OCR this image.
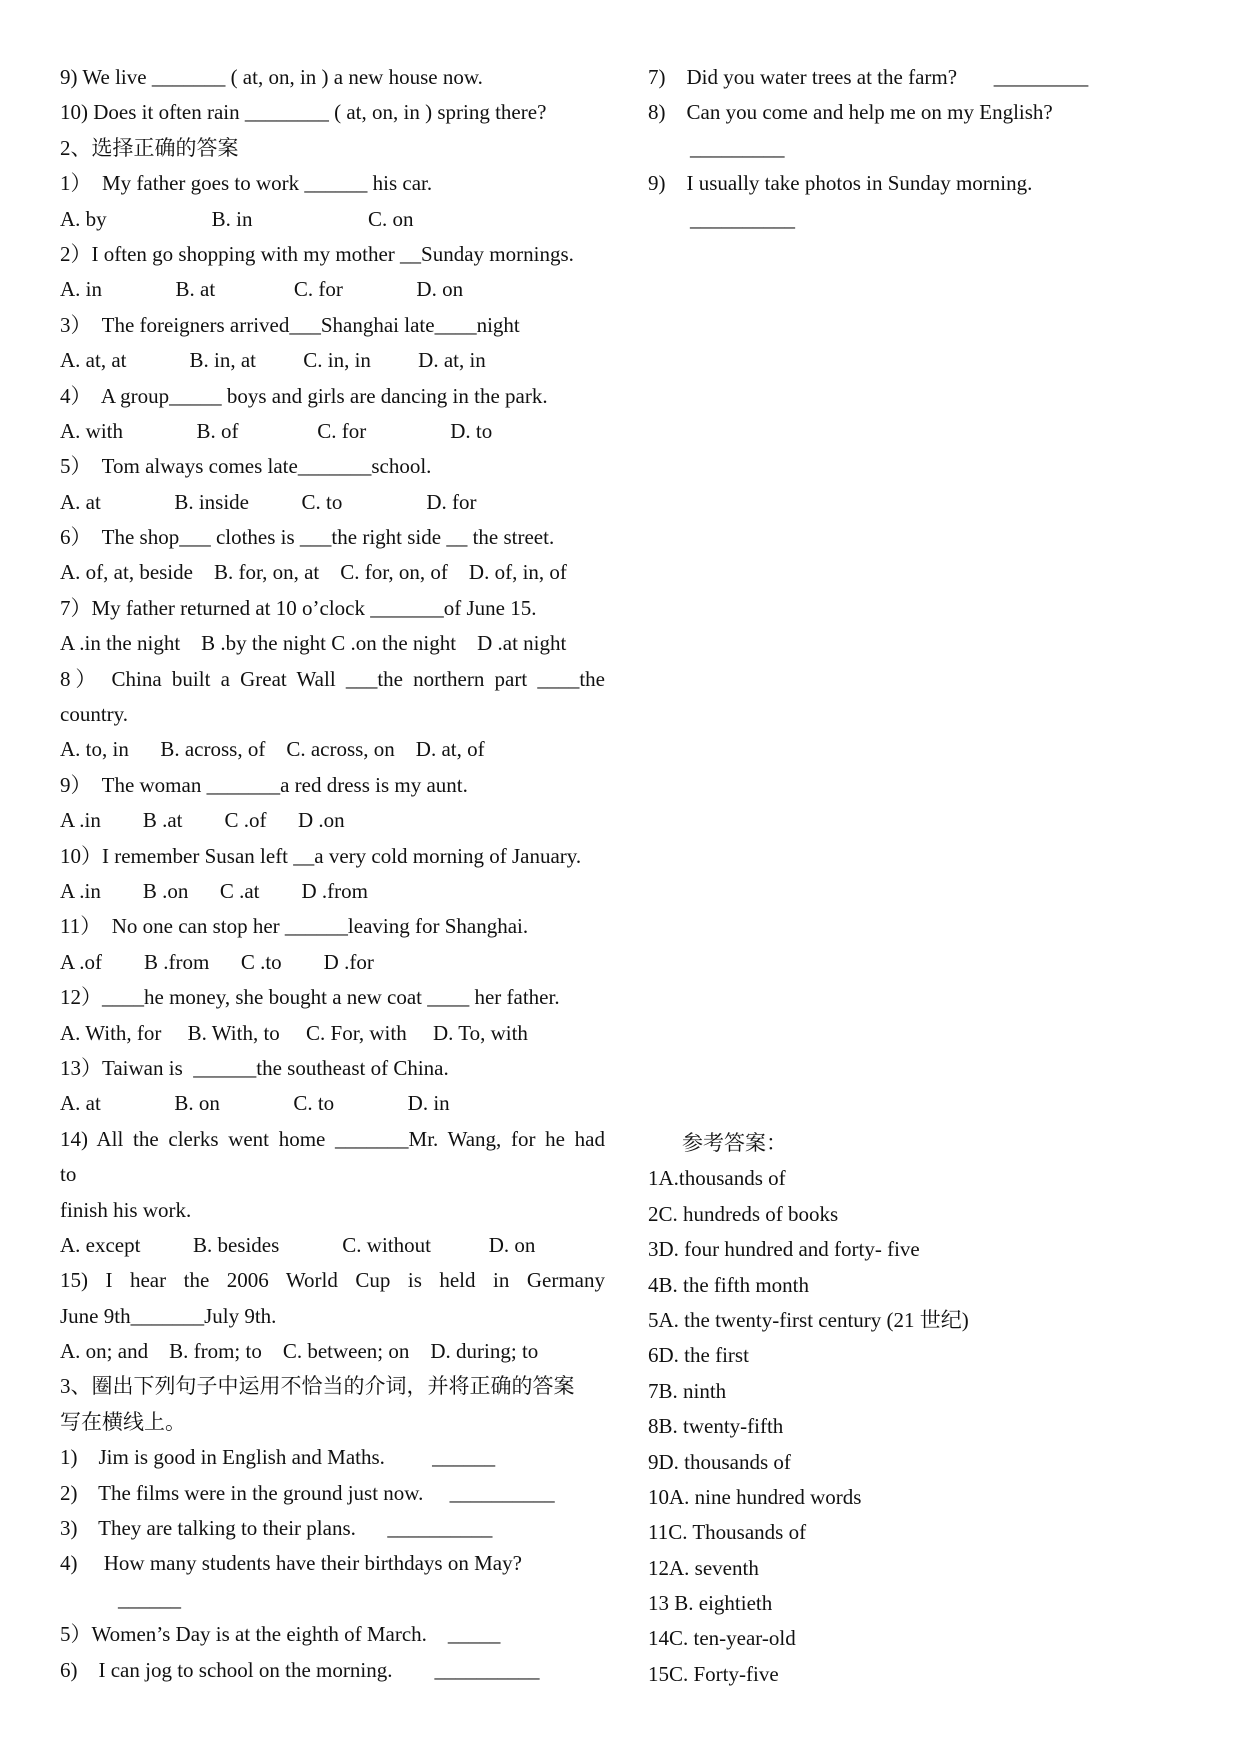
9) We live _______ ( at, on, in ) a new house now.
10) Does it often rain ________ ( at, on, in ) spring there?
2、选择正确的答案
1）  My father goes to work ______ his car.
A. by                    B. in                      C. on
2）I often go shopping with my mother __Sunday mornings.
A. in              B. at               C. for              D. on
3）  The foreigners arrived___Shanghai late____night
A. at, at            B. in, at         C. in, in         D. at, in
4）  A group_____ boys and girls are dancing in the park.
A. with              B. of               C. for                D. to
5）  Tom always comes late_______school.
A. at              B. inside          C. to                D. for
6）  The shop___ clothes is ___the right side __ the street.
A. of, at, beside    B. for, on, at    C. for, on, of    D. of, in, of
7）My father returned at 10 o’clock _______of June 15.
A .in the night    B .by the night C .on the night    D .at night
8） China built a Great Wall ___the northern part ____the
country.
A. to, in      B. across, of    C. across, on    D. at, of
9）  The woman _______a red dress is my aunt.
A .in        B .at        C .of      D .on
10）I remember Susan left __a very cold morning of January.
A .in        B .on      C .at        D .from
11）  No one can stop her ______leaving for Shanghai.
A .of        B .from      C .to        D .for
12）____he money, she bought a new coat ____ her father.
A. With, for     B. With, to     C. For, with     D. To, with
13）Taiwan is  ______the southeast of China.
A. at              B. on              C. to              D. in
14) All the clerks went home _______Mr. Wang, for he had
to
finish his work.
A. except          B. besides            C. without           D. on
15) I hear the 2006 World Cup is held in Germany
June 9th_______July 9th.
A. on; and    B. from; to    C. between; on    D. during; to
3、圈出下列句子中运用不恰当的介词，并将正确的答案
写在横线上。
1)    Jim is good in English and Maths.         ______
2)    The films were in the ground just now.     __________
3)    They are talking to their plans.      __________
4)     How many students have their birthdays on May?
______
5）Women’s Day is at the eighth of March.    _____
6)    I can jog to school on the morning.        __________
7)    Did you water trees at the farm?       _________
8)    Can you come and help me on my English?
_________
9)    I usually take photos in Sunday morning.
__________
参考答案：
1A.thousands of
2C. hundreds of books
3D. four hundred and forty- five
4B. the fifth month
5A. the twenty-first century (21 世纪)
6D. the first
7B. ninth
8B. twenty-fifth
9D. thousands of
10A. nine hundred words
11C. Thousands of
12A. seventh
13 B. eightieth
14C. ten-year-old
15C. Forty-five
